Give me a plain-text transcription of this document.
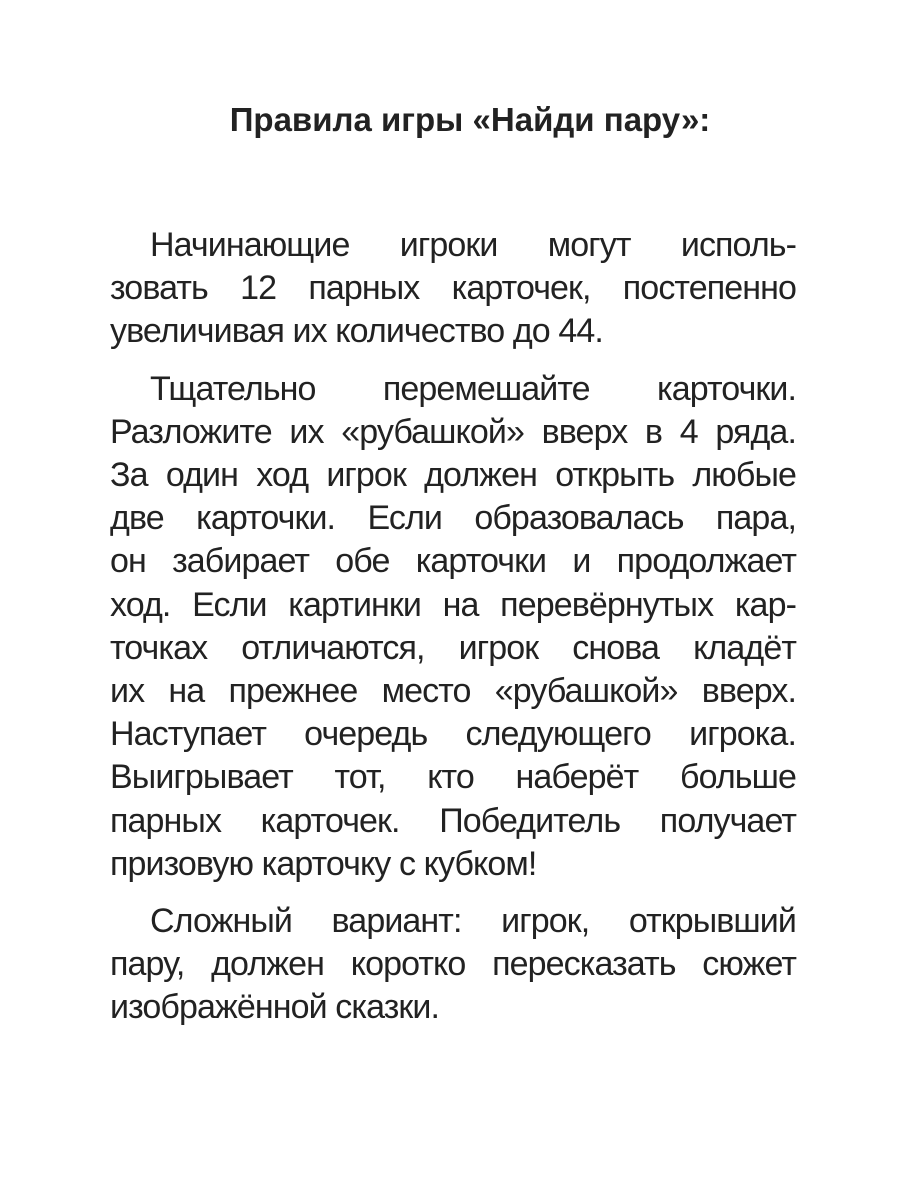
Правила игры «Найди пару»:
Начинающие игроки могут исполь-
зовать 12 парных карточек, постепенно
увеличивая их количество до 44.
Тщательно перемешайте карточки.
Разложите их «рубашкой» вверх в 4 ряда.
За один ход игрок должен открыть любые
две карточки. Если образовалась пара,
он забирает обе карточки и продолжает
ход. Если картинки на перевёрнутых кар-
точках отличаются, игрок снова кладёт
их на прежнее место «рубашкой» вверх.
Наступает очередь следующего игрока.
Выигрывает тот, кто наберёт больше
парных карточек. Победитель получает
призовую карточку с кубком!
Сложный вариант: игрок, открывший
пару, должен коротко пересказать сюжет
изображённой сказки.
